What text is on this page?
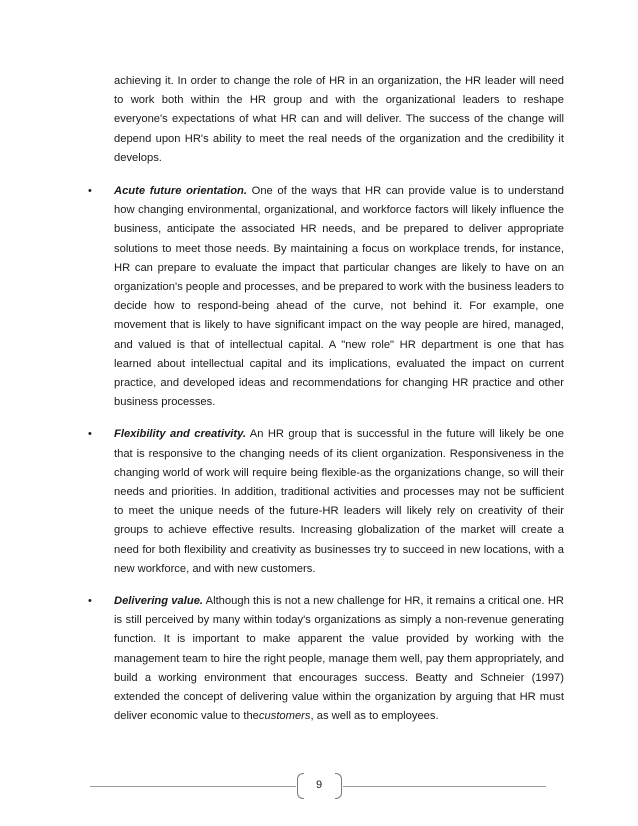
achieving it. In order to change the role of HR in an organization, the HR leader will need to work both within the HR group and with the organizational leaders to reshape everyone's expectations of what HR can and will deliver. The success of the change will depend upon HR's ability to meet the real needs of the organization and the credibility it develops.

• Acute future orientation. One of the ways that HR can provide value is to understand how changing environmental, organizational, and workforce factors will likely influence the business, anticipate the associated HR needs, and be prepared to deliver appropriate solutions to meet those needs. By maintaining a focus on workplace trends, for instance, HR can prepare to evaluate the impact that particular changes are likely to have on an organization's people and processes, and be prepared to work with the business leaders to decide how to respond-being ahead of the curve, not behind it. For example, one movement that is likely to have significant impact on the way people are hired, managed, and valued is that of intellectual capital. A "new role" HR department is one that has learned about intellectual capital and its implications, evaluated the impact on current practice, and developed ideas and recommendations for changing HR practice and other business processes.
• Flexibility and creativity. An HR group that is successful in the future will likely be one that is responsive to the changing needs of its client organization. Responsiveness in the changing world of work will require being flexible-as the organizations change, so will their needs and priorities. In addition, traditional activities and processes may not be sufficient to meet the unique needs of the future-HR leaders will likely rely on creativity of their groups to achieve effective results. Increasing globalization of the market will create a need for both flexibility and creativity as businesses try to succeed in new locations, with a new workforce, and with new customers.
• Delivering value. Although this is not a new challenge for HR, it remains a critical one. HR is still perceived by many within today's organizations as simply a non-revenue generating function. It is important to make apparent the value provided by working with the management team to hire the right people, manage them well, pay them appropriately, and build a working environment that encourages success. Beatty and Schneier (1997) extended the concept of delivering value within the organization by arguing that HR must deliver economic value to thecustomers, as well as to employees.
9
